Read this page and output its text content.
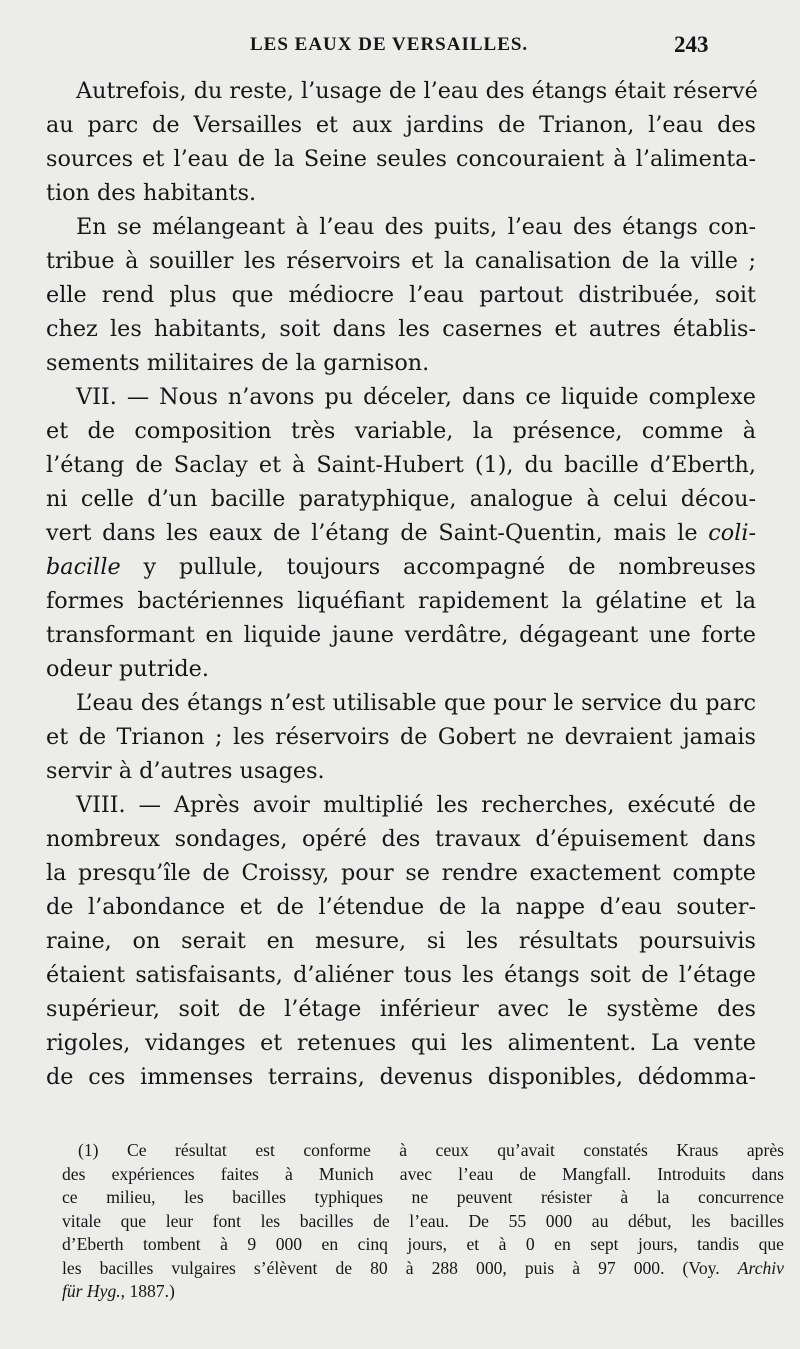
LES EAUX DE VERSAILLES.	243
Autrefois, du reste, l’usage de l’eau des étangs était réservé
au parc de Versailles et aux jardins de Trianon, l’eau des
sources et l’eau de la Seine seules concouraient à l’alimenta-
tion des habitants.
En se mélangeant à l’eau des puits, l’eau des étangs con-
tribue à souiller les réservoirs et la canalisation de la ville ;
elle rend plus que médiocre l’eau partout distribuée, soit
chez les habitants, soit dans les casernes et autres établis-
sements militaires de la garnison.
VII. — Nous n’avons pu déceler, dans ce liquide complexe
et de composition très variable, la présence, comme à
l’étang de Saclay et à Saint-Hubert (1), du bacille d’Eberth,
ni celle d’un bacille paratyphique, analogue à celui décou-
vert dans les eaux de l’étang de Saint-Quentin, mais le coli-
bacille y pullule, toujours accompagné de nombreuses
formes bactériennes liquéfiant rapidement la gélatine et la
transformant en liquide jaune verdâtre, dégageant une forte
odeur putride.
L’eau des étangs n’est utilisable que pour le service du parc
et de Trianon ; les réservoirs de Gobert ne devraient jamais
servir à d’autres usages.
VIII. — Après avoir multiplié les recherches, exécuté de
nombreux sondages, opéré des travaux d’épuisement dans
la presqu’île de Croissy, pour se rendre exactement compte
de l’abondance et de l’étendue de la nappe d’eau souter-
raine, on serait en mesure, si les résultats poursuivis
étaient satisfaisants, d’aliéner tous les étangs soit de l’étage
supérieur, soit de l’étage inférieur avec le système des
rigoles, vidanges et retenues qui les alimentent. La vente
de ces immenses terrains, devenus disponibles, dédomma-
(1) Ce résultat est conforme à ceux qu’avait constatés Kraus après
des expériences faites à Munich avec l’eau de Mangfall. Introduits dans
ce milieu, les bacilles typhiques ne peuvent résister à la concurrence
vitale que leur font les bacilles de l’eau. De 55 000 au début, les bacilles
d’Eberth tombent à 9 000 en cinq jours, et à 0 en sept jours, tandis que
les bacilles vulgaires s’élèvent de 80 à 288 000, puis à 97 000. (Voy. Archiv
für Hyg., 1887.)
